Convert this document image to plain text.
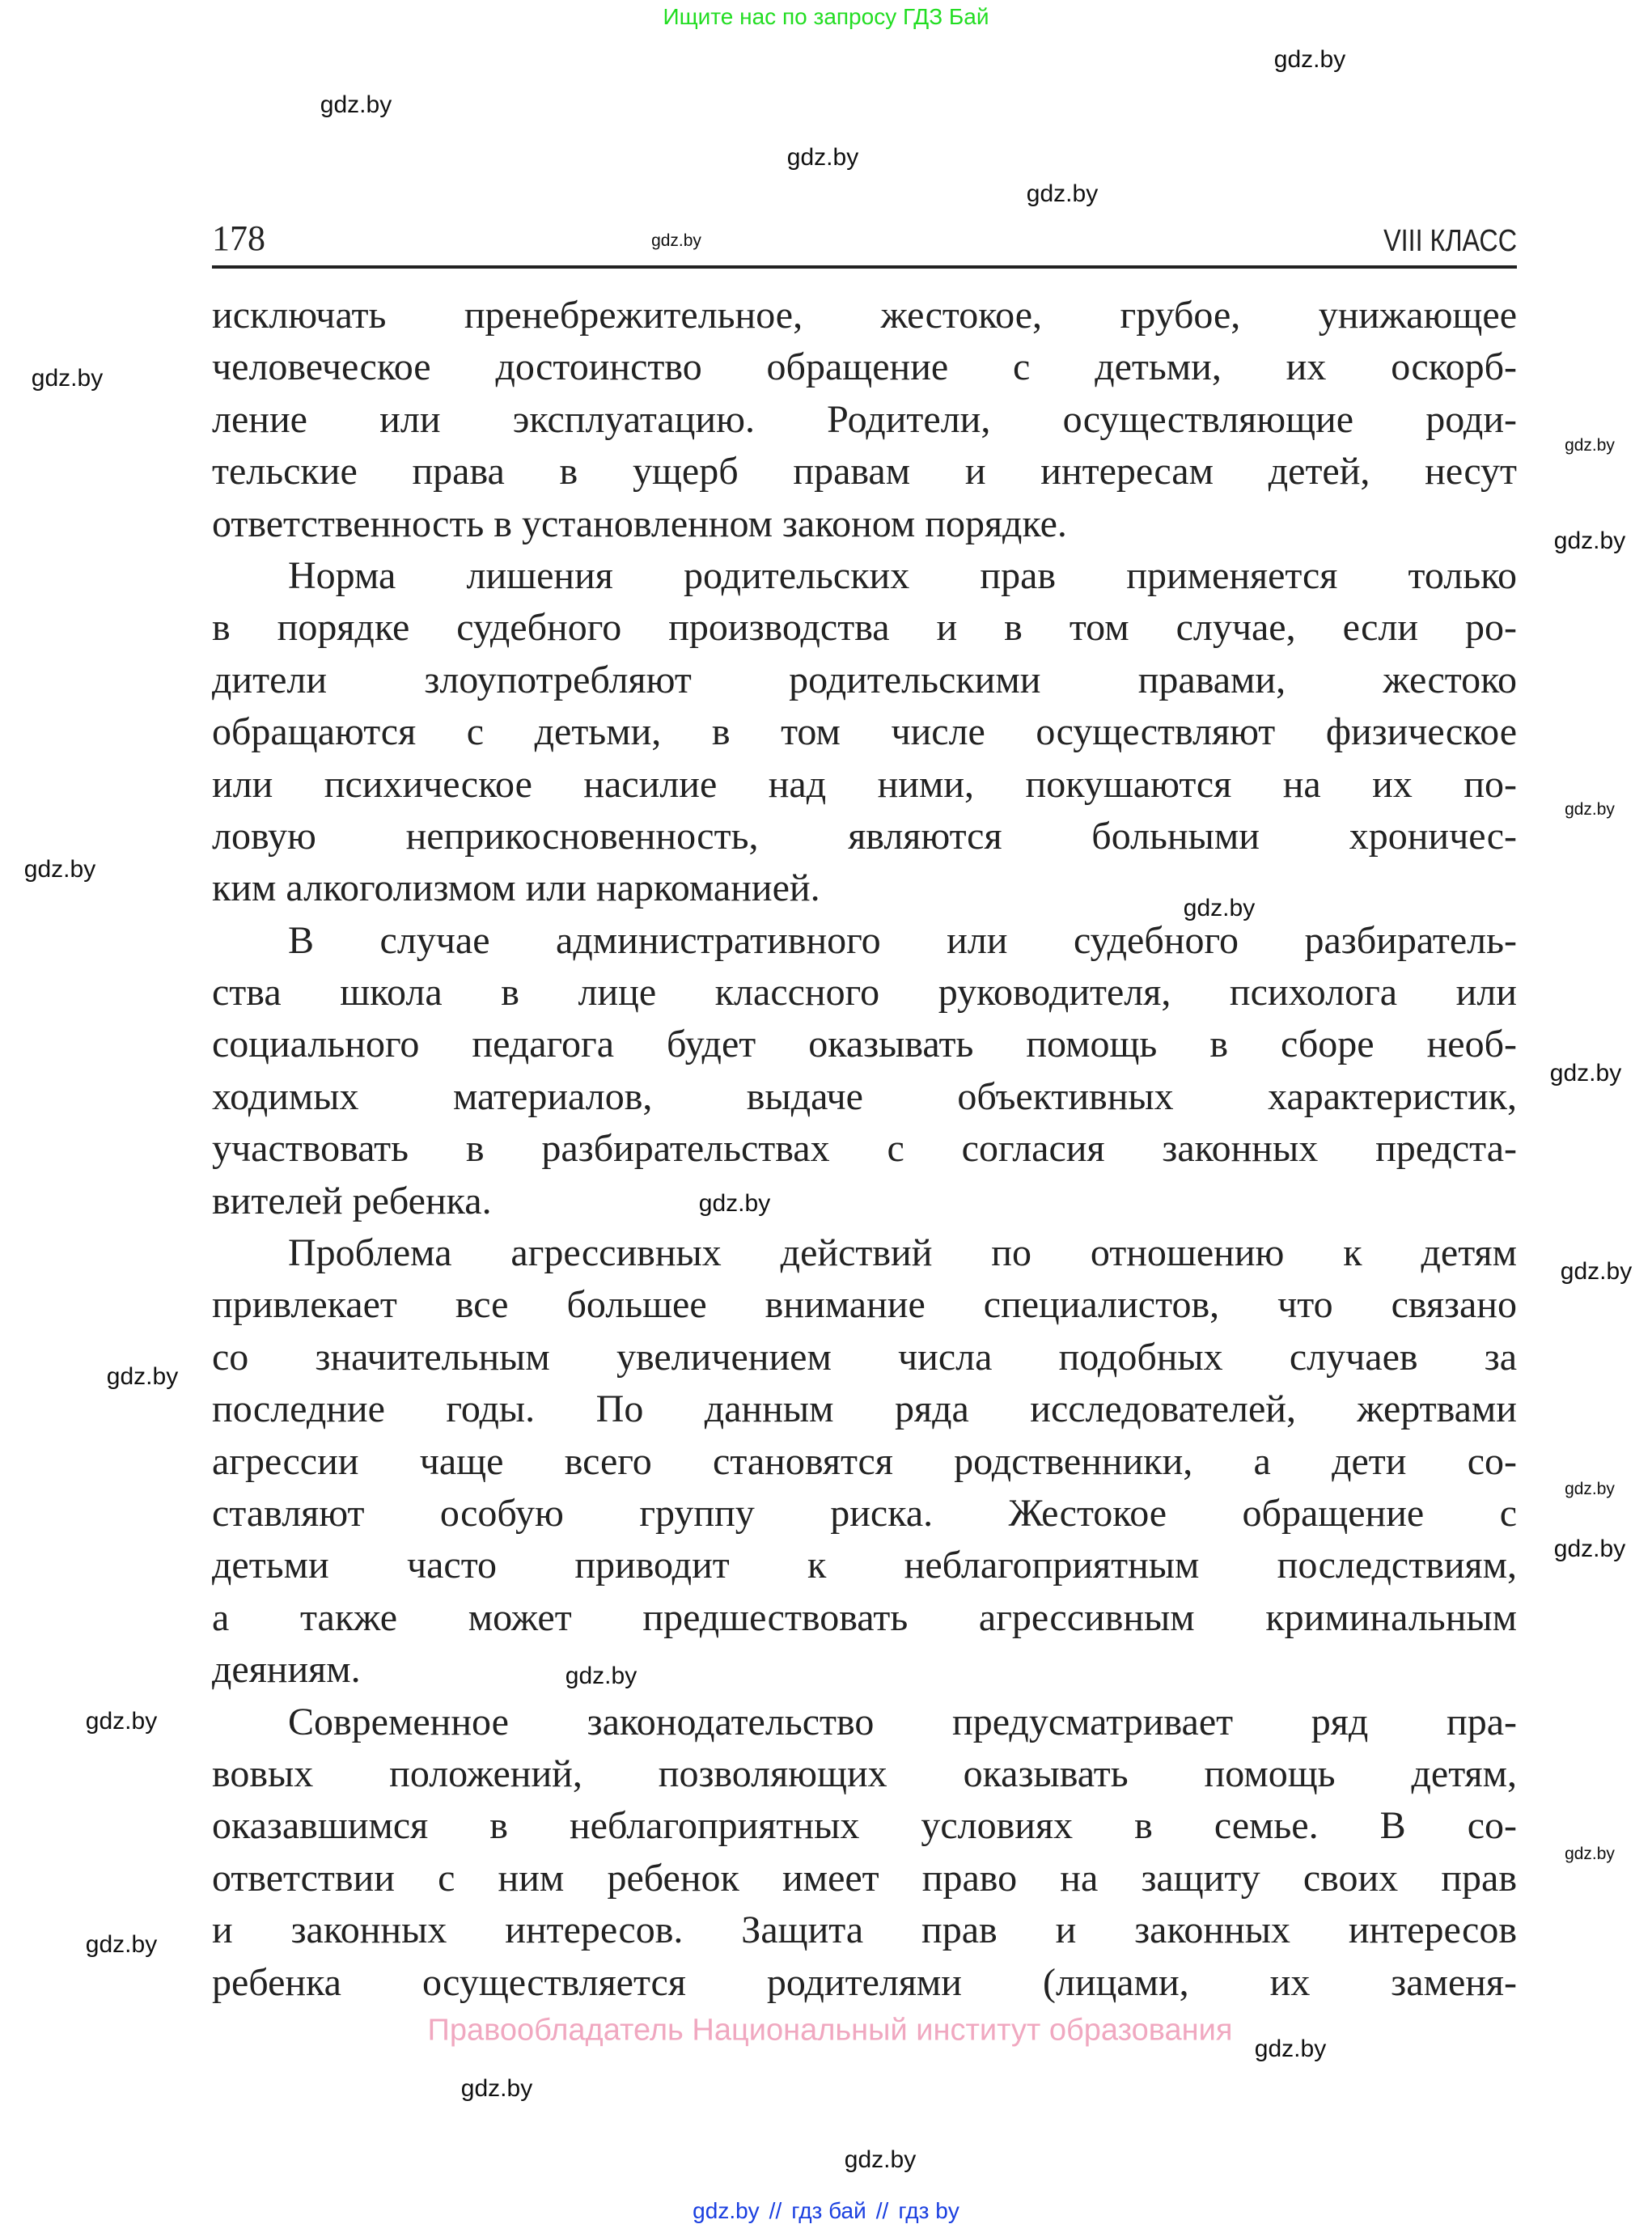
Ищите нас по запросу ГДЗ Бай
gdz.by
gdz.by
gdz.by
gdz.by
gdz.by
gdz.by
gdz.by
gdz.by
gdz.by
gdz.by
gdz.by
gdz.by
gdz.by
gdz.by
gdz.by
gdz.by
gdz.by
gdz.by
gdz.by
gdz.by
gdz.by
gdz.by
gdz.by
gdz.by
178	VIII КЛАСС
исключать пренебрежительное, жестокое, грубое, унижающее
человеческое достоинство обращение с детьми, их оскорб-
ление или эксплуатацию. Родители, осуществляющие роди-
тельские права в ущерб правам и интересам детей, несут
ответственность в установленном законом порядке.
Норма лишения родительских прав применяется только
в порядке судебного производства и в том случае, если ро-
дители злоупотребляют родительскими правами, жестоко
обращаются с детьми, в том числе осуществляют физическое
или психическое насилие над ними, покушаются на их по-
ловую неприкосновенность, являются больными хроничес-
ким алкоголизмом или наркоманией.
В случае административного или судебного разбиратель-
ства школа в лице классного руководителя, психолога или
социального педагога будет оказывать помощь в сборе необ-
ходимых материалов, выдаче объективных характеристик,
участвовать в разбирательствах с согласия законных предста-
вителей ребенка.
Проблема агрессивных действий по отношению к детям
привлекает все большее внимание специалистов, что связано
со значительным увеличением числа подобных случаев за
последние годы. По данным ряда исследователей, жертвами
агрессии чаще всего становятся родственники, а дети со-
ставляют особую группу риска. Жестокое обращение с
детьми часто приводит к неблагоприятным последствиям,
а также может предшествовать агрессивным криминальным
деяниям.
Современное законодательство предусматривает ряд пра-
вовых положений, позволяющих оказывать помощь детям,
оказавшимся в неблагоприятных условиях в семье. В со-
ответствии с ним ребенок имеет право на защиту своих прав
и законных интересов. Защита прав и законных интересов
ребенка осуществляется родителями (лицами, их заменя-
Правообладатель Национальный институт образования
gdz.by // гдз бай // гдз by
